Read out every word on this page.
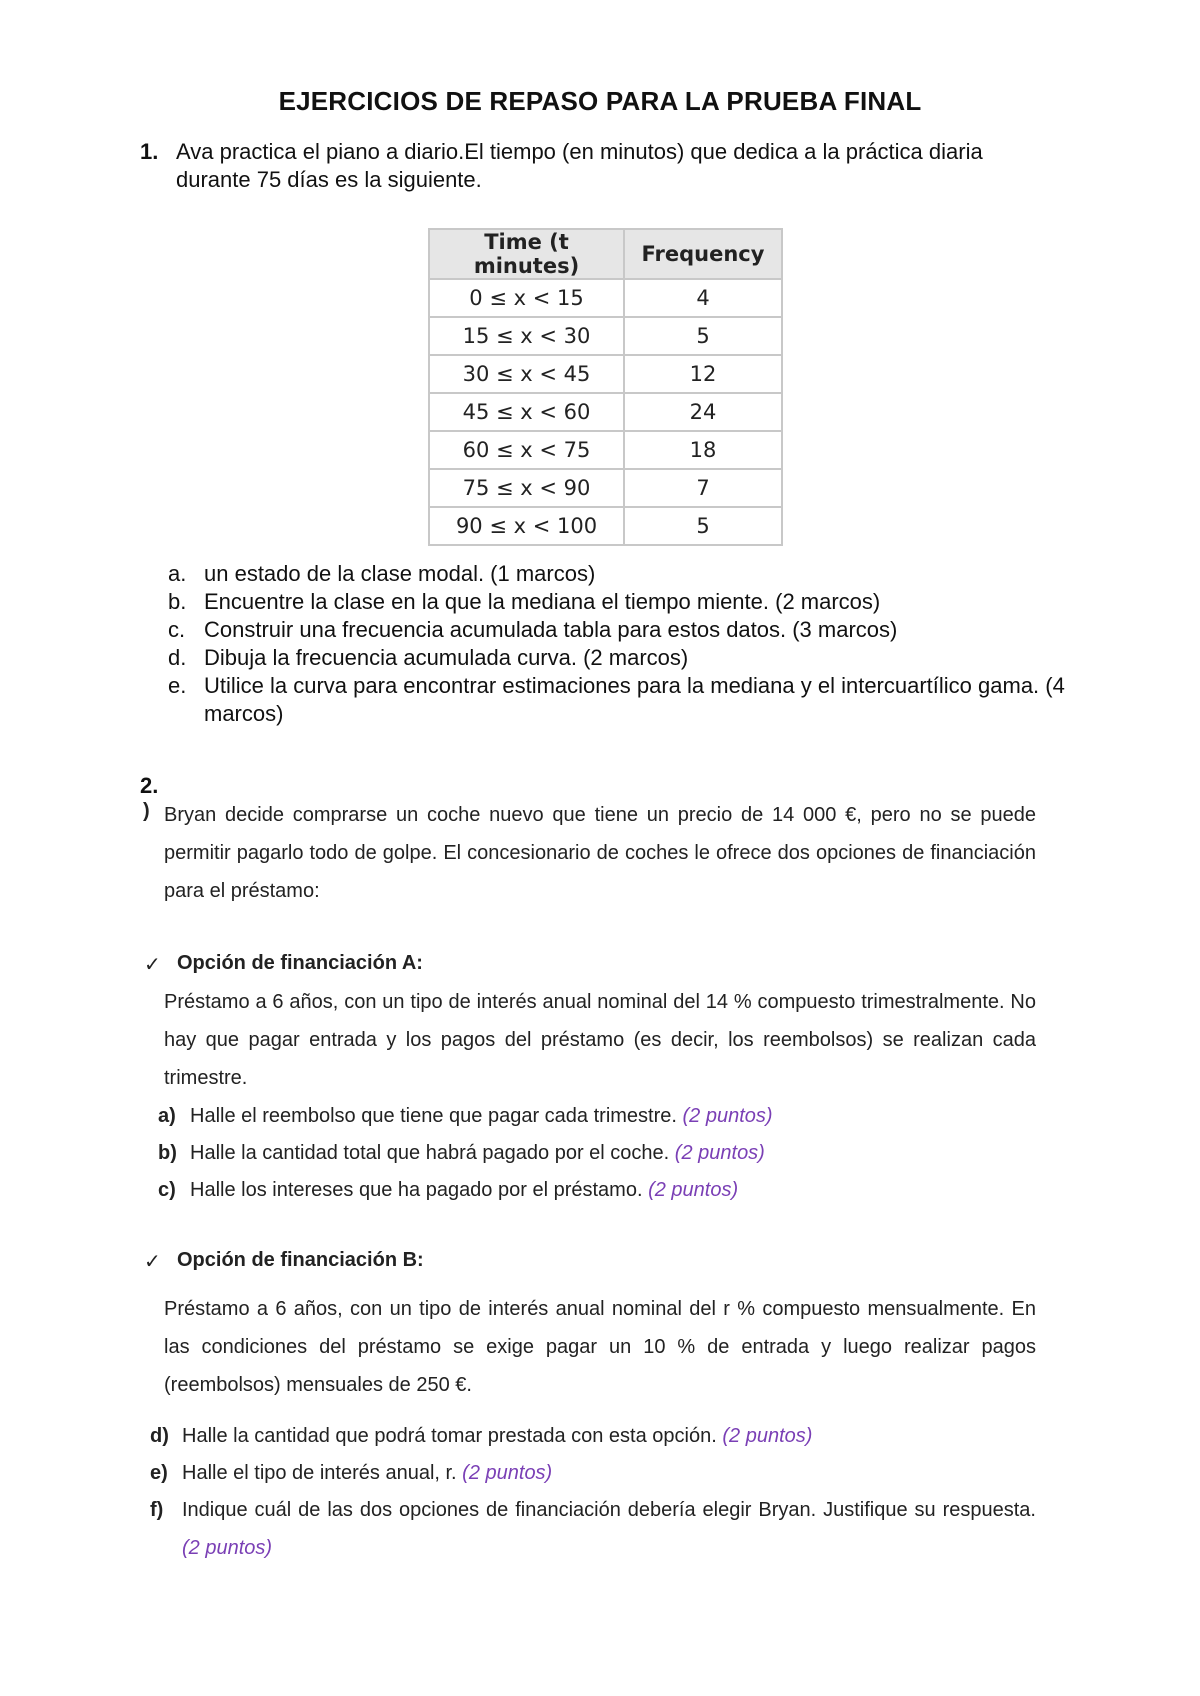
EJERCICIOS DE REPASO PARA LA PRUEBA FINAL
1. Ava practica el piano a diario.El tiempo (en minutos) que dedica a la práctica diaria durante 75 días es la siguiente.
Time (t minutes)	Frequency
0 ≤ x < 15	4
15 ≤ x < 30	5
30 ≤ x < 45	12
45 ≤ x < 60	24
60 ≤ x < 75	18
75 ≤ x < 90	7
90 ≤ x < 100	5
a. un estado de la clase modal. (1 marcos)
b. Encuentre la clase en la que la mediana el tiempo miente. (2 marcos)
c. Construir una frecuencia acumulada tabla para estos datos. (3 marcos)
d. Dibuja la frecuencia acumulada curva. (2 marcos)
e. Utilice la curva para encontrar estimaciones para la mediana y el intercuartílico gama. (4 marcos)
2.
) Bryan decide comprarse un coche nuevo que tiene un precio de 14 000 €, pero no se puede permitir pagarlo todo de golpe. El concesionario de coches le ofrece dos opciones de financiación para el préstamo:
✓ Opción de financiación A:
Préstamo a 6 años, con un tipo de interés anual nominal del 14 % compuesto trimestralmente. No hay que pagar entrada y los pagos del préstamo (es decir, los reembolsos) se realizan cada trimestre.
a) Halle el reembolso que tiene que pagar cada trimestre. (2 puntos)
b) Halle la cantidad total que habrá pagado por el coche. (2 puntos)
c) Halle los intereses que ha pagado por el préstamo. (2 puntos)
✓ Opción de financiación B:
Préstamo a 6 años, con un tipo de interés anual nominal del r % compuesto mensualmente. En las condiciones del préstamo se exige pagar un 10 % de entrada y luego realizar pagos (reembolsos) mensuales de 250 €.
d) Halle la cantidad que podrá tomar prestada con esta opción. (2 puntos)
e) Halle el tipo de interés anual, r. (2 puntos)
f) Indique cuál de las dos opciones de financiación debería elegir Bryan. Justifique su respuesta. (2 puntos)
